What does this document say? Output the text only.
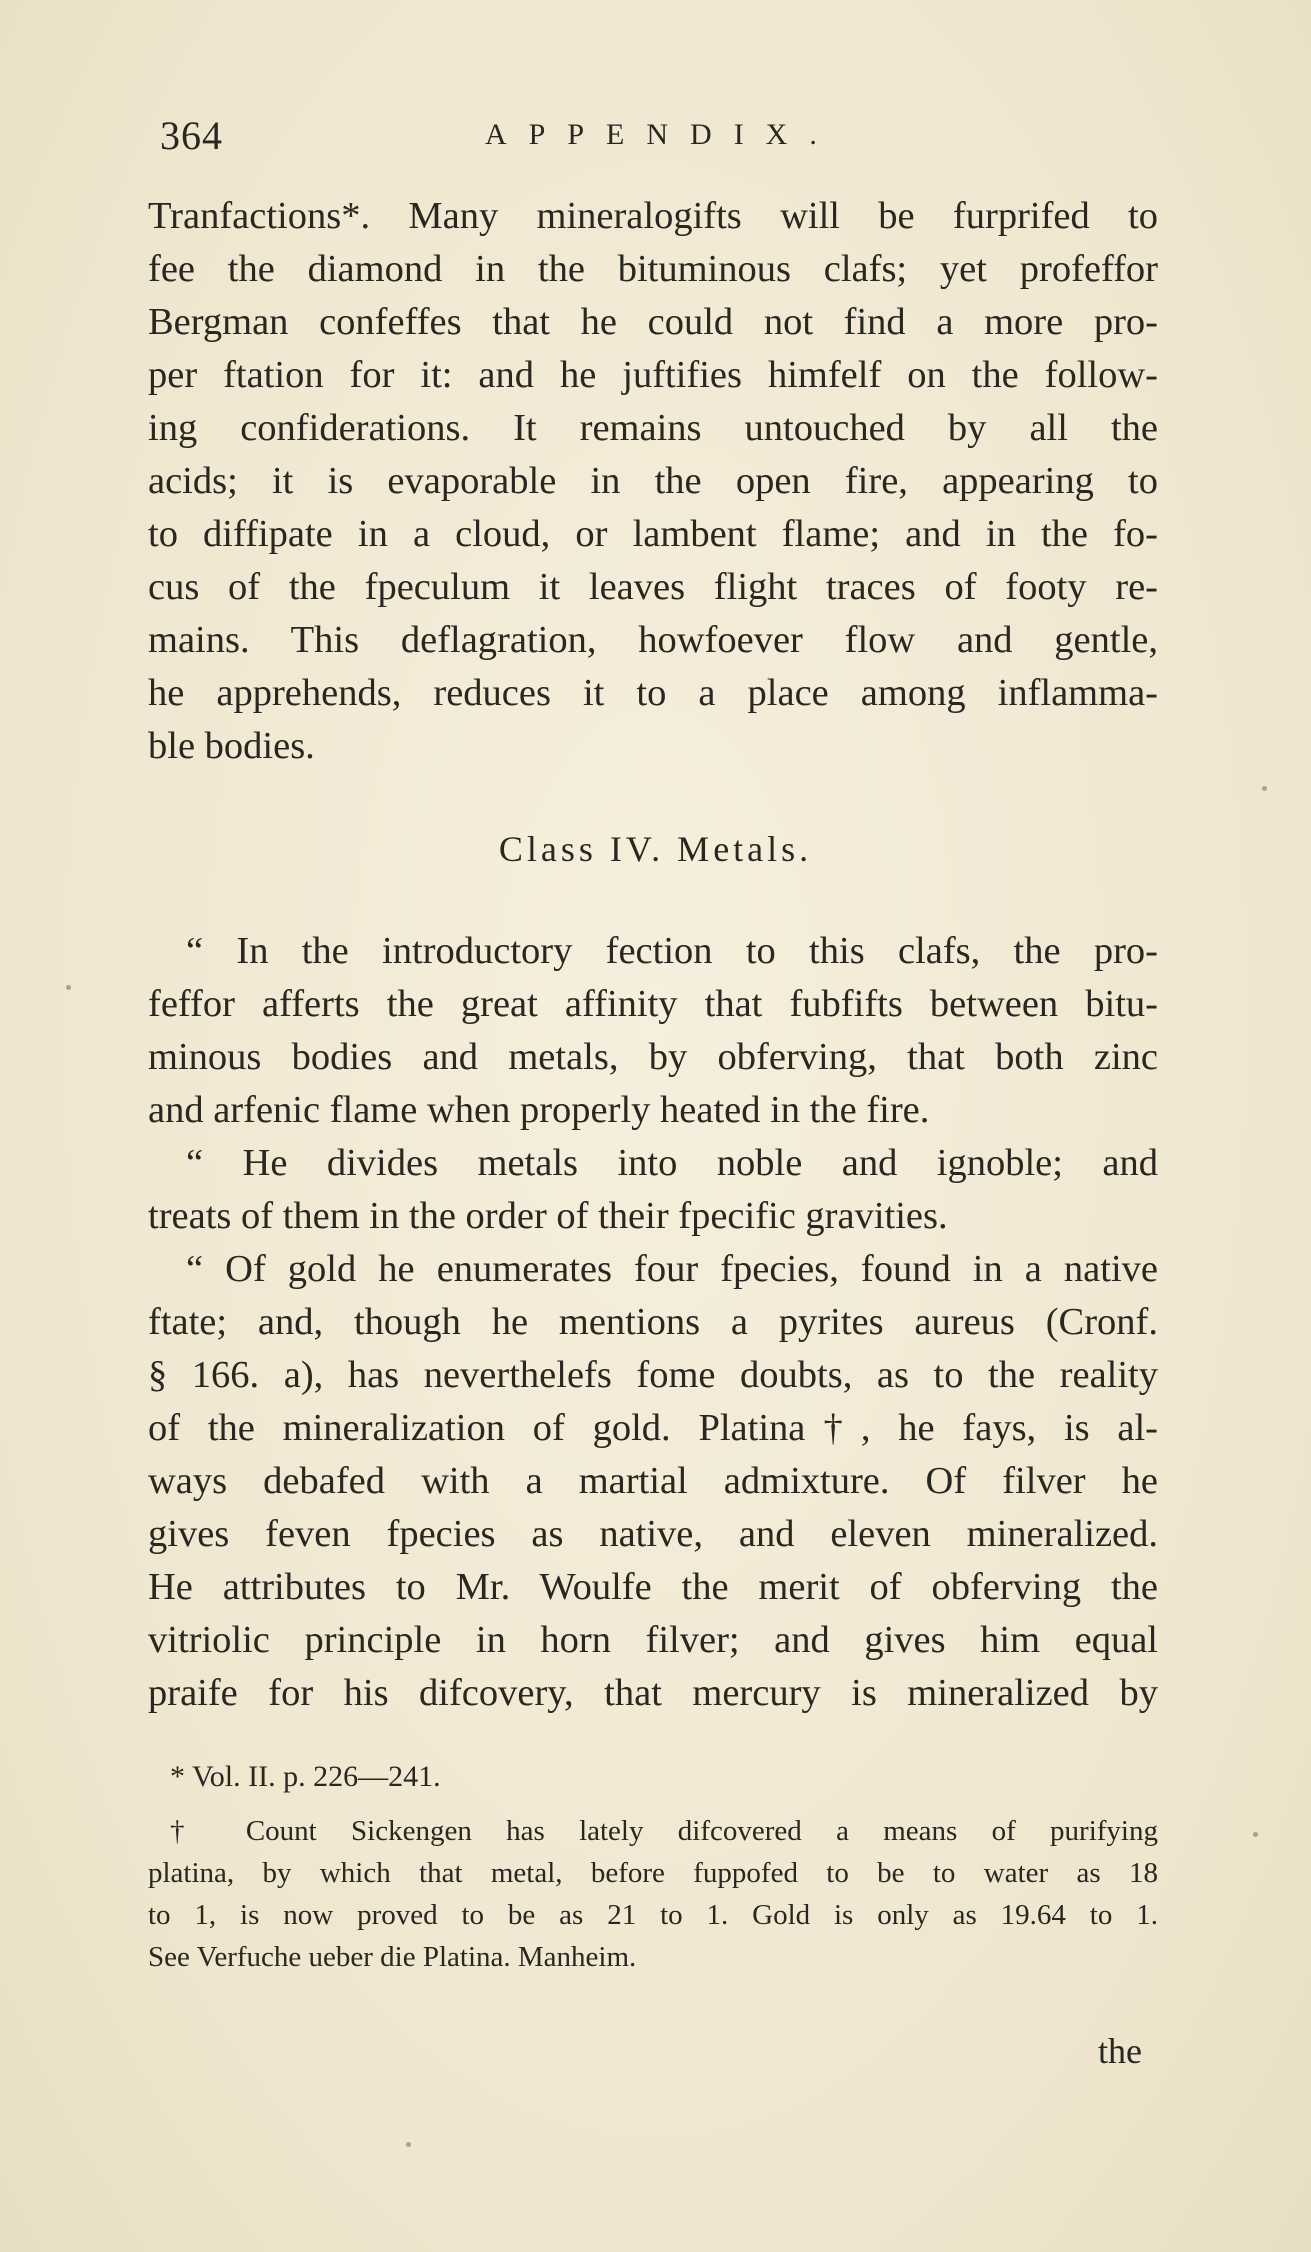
364	APPENDIX.
Tranfactions*. Many mineralogifts will be furprifed to
fee the diamond in the bituminous clafs; yet profeffor
Bergman confeffes that he could not find a more pro-
per ftation for it: and he juftifies himfelf on the follow-
ing confiderations. It remains untouched by all the
acids; it is evaporable in the open fire, appearing to
to diffipate in a cloud, or lambent flame; and in the fo-
cus of the fpeculum it leaves flight traces of footy re-
mains. This deflagration, howfoever flow and gentle,
he apprehends, reduces it to a place among inflamma-
ble bodies.
Class IV. Metals.
“ In the introductory fection to this clafs, the pro-
feffor afferts the great affinity that fubfifts between bitu-
minous bodies and metals, by obferving, that both zinc
and arfenic flame when properly heated in the fire.
“ He divides metals into noble and ignoble; and
treats of them in the order of their fpecific gravities.
“ Of gold he enumerates four fpecies, found in a native
ftate; and, though he mentions a pyrites aureus (Cronf.
§ 166. a), has neverthelefs fome doubts, as to the reality
of the mineralization of gold. Platina†, he fays, is al-
ways debafed with a martial admixture. Of filver he
gives feven fpecies as native, and eleven mineralized.
He attributes to Mr. Woulfe the merit of obferving the
vitriolic principle in horn filver; and gives him equal
praife for his difcovery, that mercury is mineralized by
* Vol. II. p. 226—241.
† Count Sickengen has lately difcovered a means of purifying
platina, by which that metal, before fuppofed to be to water as 18
to 1, is now proved to be as 21 to 1. Gold is only as 19.64 to 1.
See Verfuche ueber die Platina. Manheim.
the
